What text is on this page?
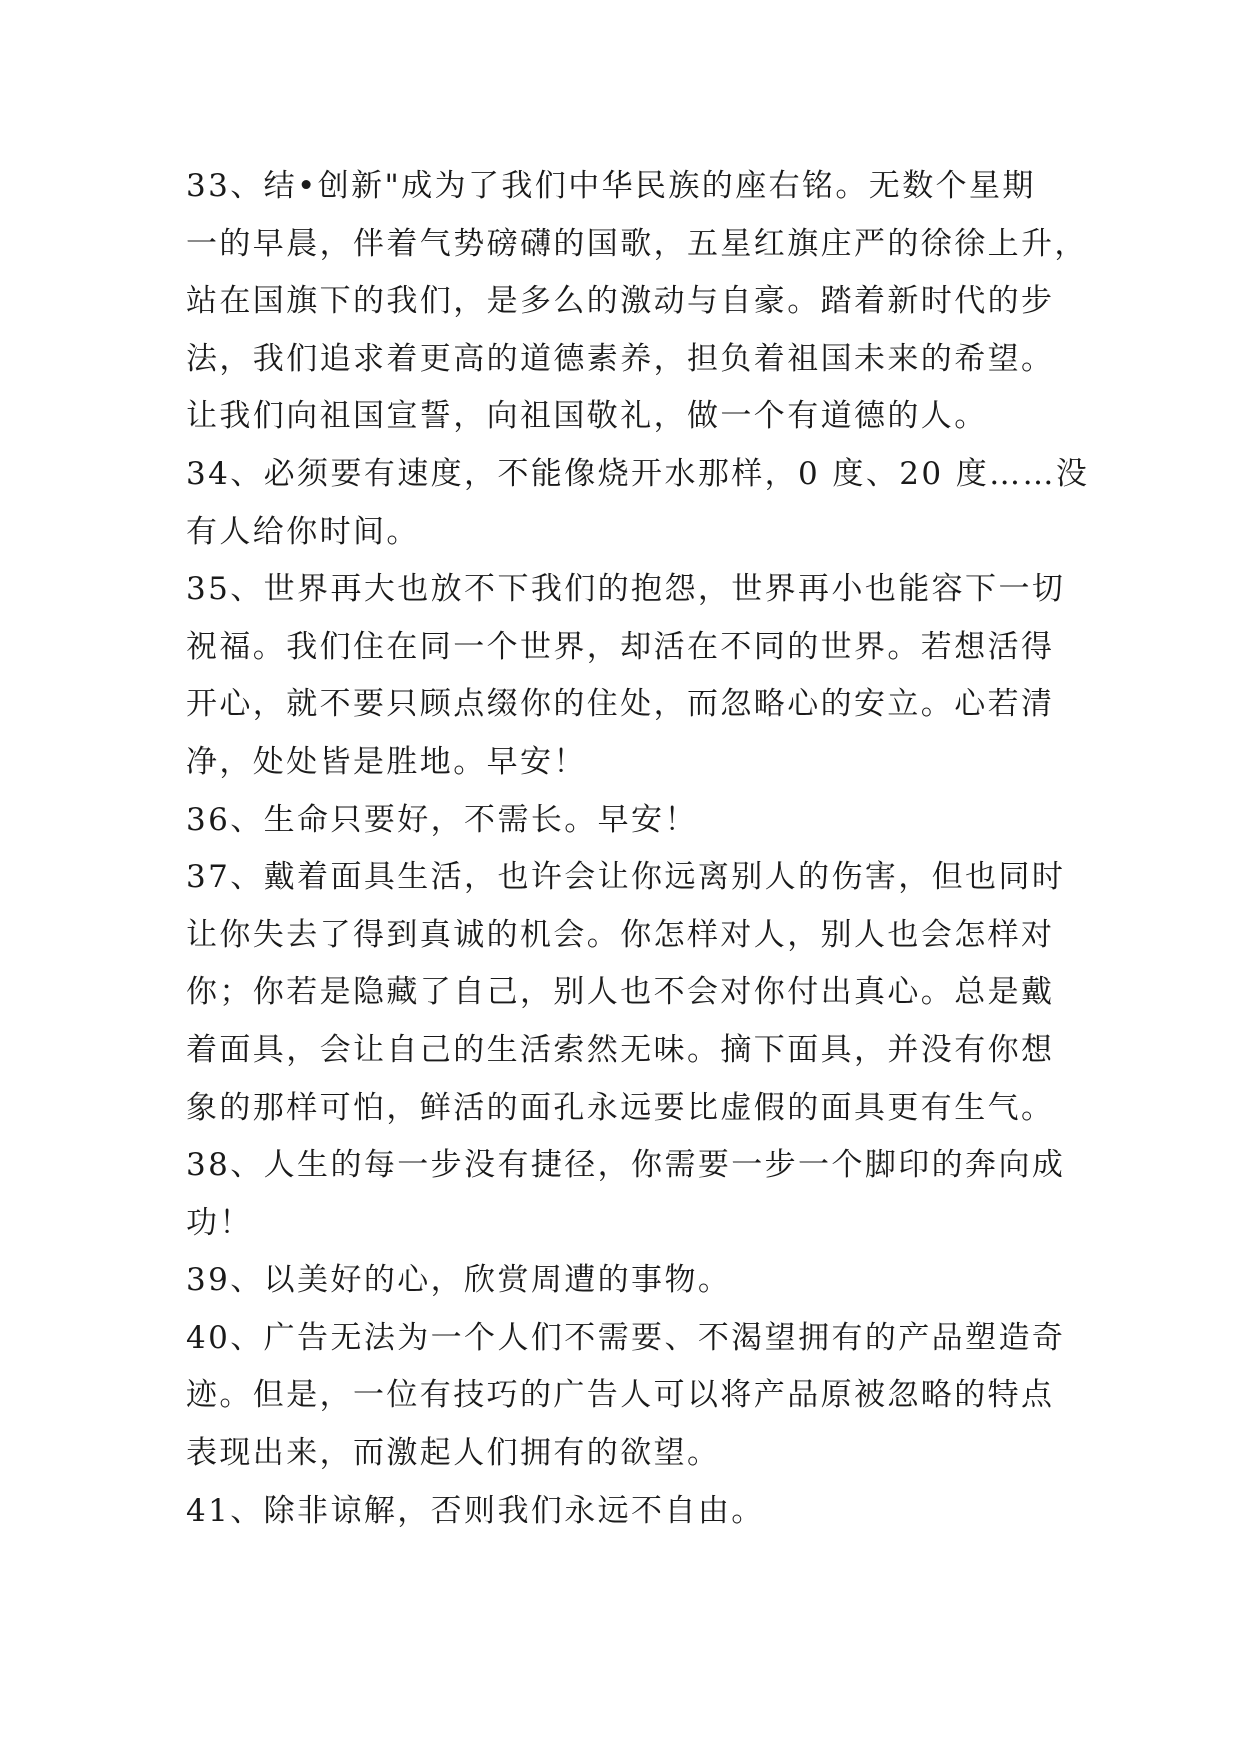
33、结•创新"成为了我们中华民族的座右铭。无数个星期
一的早晨，伴着气势磅礴的国歌，五星红旗庄严的徐徐上升，
站在国旗下的我们，是多么的激动与自豪。踏着新时代的步
法，我们追求着更高的道德素养，担负着祖国未来的希望。
让我们向祖国宣誓，向祖国敬礼，做一个有道德的人。
34、必须要有速度，不能像烧开水那样，0 度、20 度……没
有人给你时间。
35、世界再大也放不下我们的抱怨，世界再小也能容下一切
祝福。我们住在同一个世界，却活在不同的世界。若想活得
开心，就不要只顾点缀你的住处，而忽略心的安立。心若清
净，处处皆是胜地。早安！
36、生命只要好，不需长。早安！
37、戴着面具生活，也许会让你远离别人的伤害，但也同时
让你失去了得到真诚的机会。你怎样对人，别人也会怎样对
你；你若是隐藏了自己，别人也不会对你付出真心。总是戴
着面具，会让自己的生活索然无味。摘下面具，并没有你想
象的那样可怕，鲜活的面孔永远要比虚假的面具更有生气。
38、人生的每一步没有捷径，你需要一步一个脚印的奔向成
功！
39、以美好的心，欣赏周遭的事物。
40、广告无法为一个人们不需要、不渴望拥有的产品塑造奇
迹。但是，一位有技巧的广告人可以将产品原被忽略的特点
表现出来，而激起人们拥有的欲望。
41、除非谅解，否则我们永远不自由。
